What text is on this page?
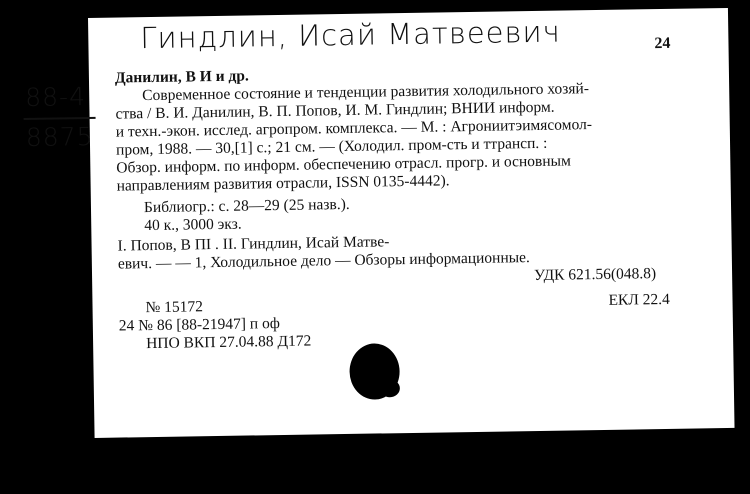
Гиндлин, Исай Матвеевич	24
88-4
8875
Данилин, В И и др.
Современное состояние и тенденции развития холодильного хозяй-
ства / В. И. Данилин, В. П. Попов, И. М. Гиндлин; ВНИИ информ.
и техн.-экон. исслед. агропром. комплекса. — М. : Агрониитэимясомол-
пром, 1988. — 30,[1] с.; 21 см. — (Холодил. пром-сть и ттрансп. :
Обзор. информ. по информ. обеспечению отрасл. прогр. и основным
направлениям развития отрасли, ISSN 0135-4442).
Библиогр.: с. 28—29 (25 назв.).
40 к., 3000 экз.
I. Попов, В ПI . II. Гиндлин, Исай Матве-
евич. — — 1, Холодильное дело — Обзоры информационные.
УДК 621.56(048.8)
№ 15172	ЕКЛ 22.4
24 № 86 [88-21947] п оф
НПО ВКП 27.04.88 Д172
